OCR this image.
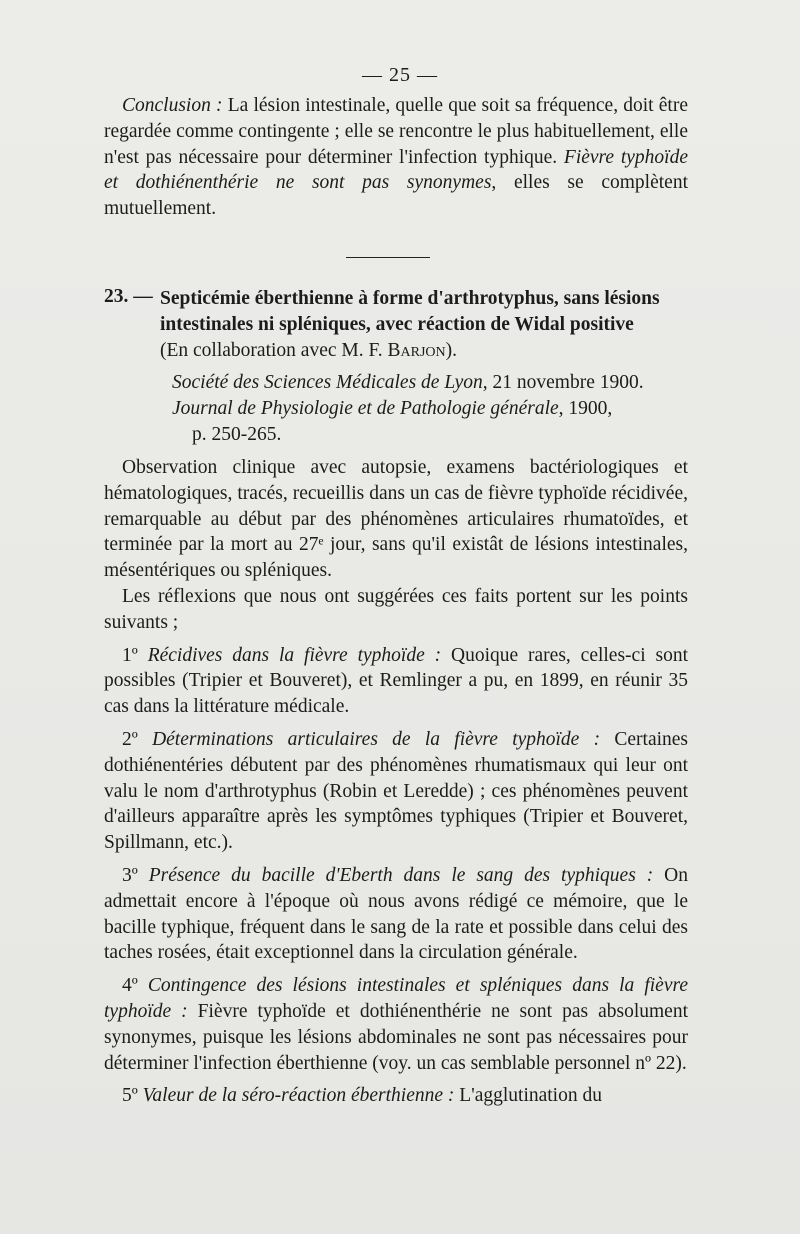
— 25 —

Conclusion : La lésion intestinale, quelle que soit sa fréquence, doit être regardée comme contingente ; elle se rencontre le plus habituellement, elle n'est pas nécessaire pour déterminer l'infection typhique. Fièvre typhoïde et dothiénenthérie ne sont pas synonymes, elles se complètent mutuellement.

23. — Septicémie éberthienne à forme d'arthrotyphus, sans lésions intestinales ni spléniques, avec réaction de Widal positive

(En collaboration avec M. F. Barjon).

Société des Sciences Médicales de Lyon, 21 novembre 1900.

Journal de Physiologie et de Pathologie générale, 1900,

p. 250-265.

Observation clinique avec autopsie, examens bactériologiques et hématologiques, tracés, recueillis dans un cas de fièvre typhoïde récidivée, remarquable au début par des phénomènes articulaires rhumatoïdes, et terminée par la mort au 27ᵉ jour, sans qu'il existât de lésions intestinales, mésentériques ou spléniques.

Les réflexions que nous ont suggérées ces faits portent sur les points suivants ;

1º Récidives dans la fièvre typhoïde : Quoique rares, celles-ci sont possibles (Tripier et Bouveret), et Remlinger a pu, en 1899, en réunir 35 cas dans la littérature médicale.

2º Déterminations articulaires de la fièvre typhoïde : Certaines dothiénentéries débutent par des phénomènes rhumatismaux qui leur ont valu le nom d'arthrotyphus (Robin et Leredde) ; ces phénomènes peuvent d'ailleurs apparaître après les symptômes typhiques (Tripier et Bouveret, Spillmann, etc.).

3º Présence du bacille d'Eberth dans le sang des typhiques : On admettait encore à l'époque où nous avons rédigé ce mémoire, que le bacille typhique, fréquent dans le sang de la rate et possible dans celui des taches rosées, était exceptionnel dans la circulation générale.

4º Contingence des lésions intestinales et spléniques dans la fièvre typhoïde : Fièvre typhoïde et dothiénenthérie ne sont pas absolument synonymes, puisque les lésions abdominales ne sont pas nécessaires pour déterminer l'infection éberthienne (voy. un cas semblable personnel nº 22).

5º Valeur de la séro-réaction éberthienne : L'agglutination du
